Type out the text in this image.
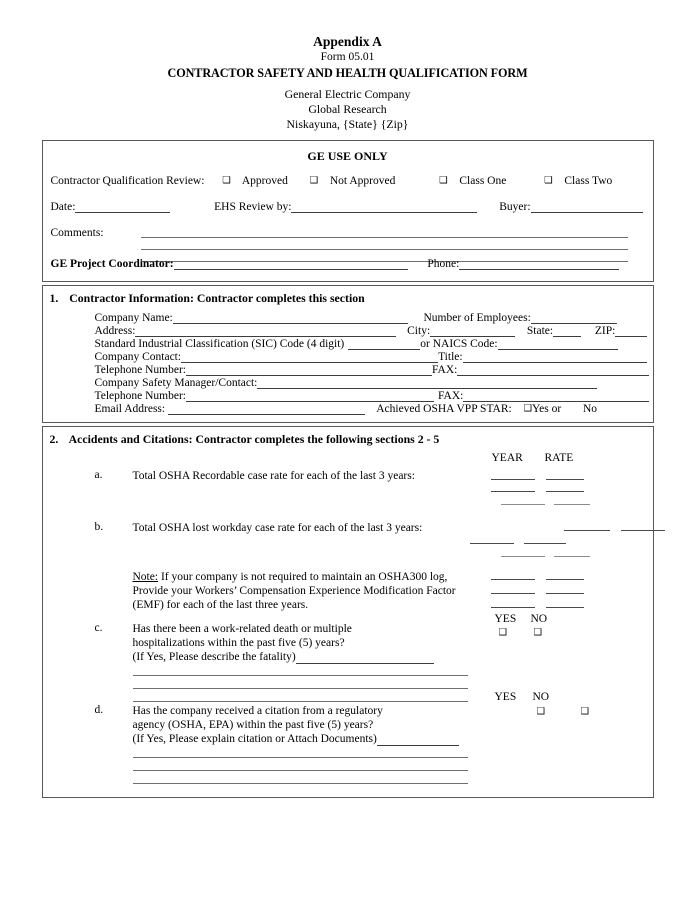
Appendix A
Form 05.01
CONTRACTOR SAFETY AND HEALTH QUALIFICATION FORM
General Electric Company
Global Research
Niskayuna, {State} {Zip}
GE USE ONLY
Contractor Qualification Review: ❑ Approved ❑ Not Approved	❑ Class One	❑ Class Two
Date:	EHS Review by:	Buyer:
Comments:
GE Project Coordinator:	Phone:
1. Contractor Information: Contractor completes this section
Company Name:	Number of Employees:
Address:	City:	State:	ZIP:
Standard Industrial Classification (SIC) Code (4 digit)	or NAICS Code:
Company Contact:	Title:
Telephone Number:	FAX:
Company Safety Manager/Contact:
Telephone Number:	FAX:
Email Address:	Achieved OSHA VPP STAR: ❑Yes or No
2. Accidents and Citations: Contractor completes the following sections 2 - 5
YEAR RATE
a.	Total OSHA Recordable case rate for each of the last 3 years:
b.	Total OSHA lost workday case rate for each of the last 3 years:
Note: If your company is not required to maintain an OSHA300 log,
Provide your Workers’ Compensation Experience Modification Factor
(EMF) for each of the last three years.
YES NO
❑	❑
c.	Has there been a work-related death or multiple
hospitalizations within the past five (5) years?
(If Yes, Please describe the fatality)
YES NO
❑	❑
d.	Has the company received a citation from a regulatory
agency (OSHA, EPA) within the past five (5) years?
(If Yes, Please explain citation or Attach Documents)
